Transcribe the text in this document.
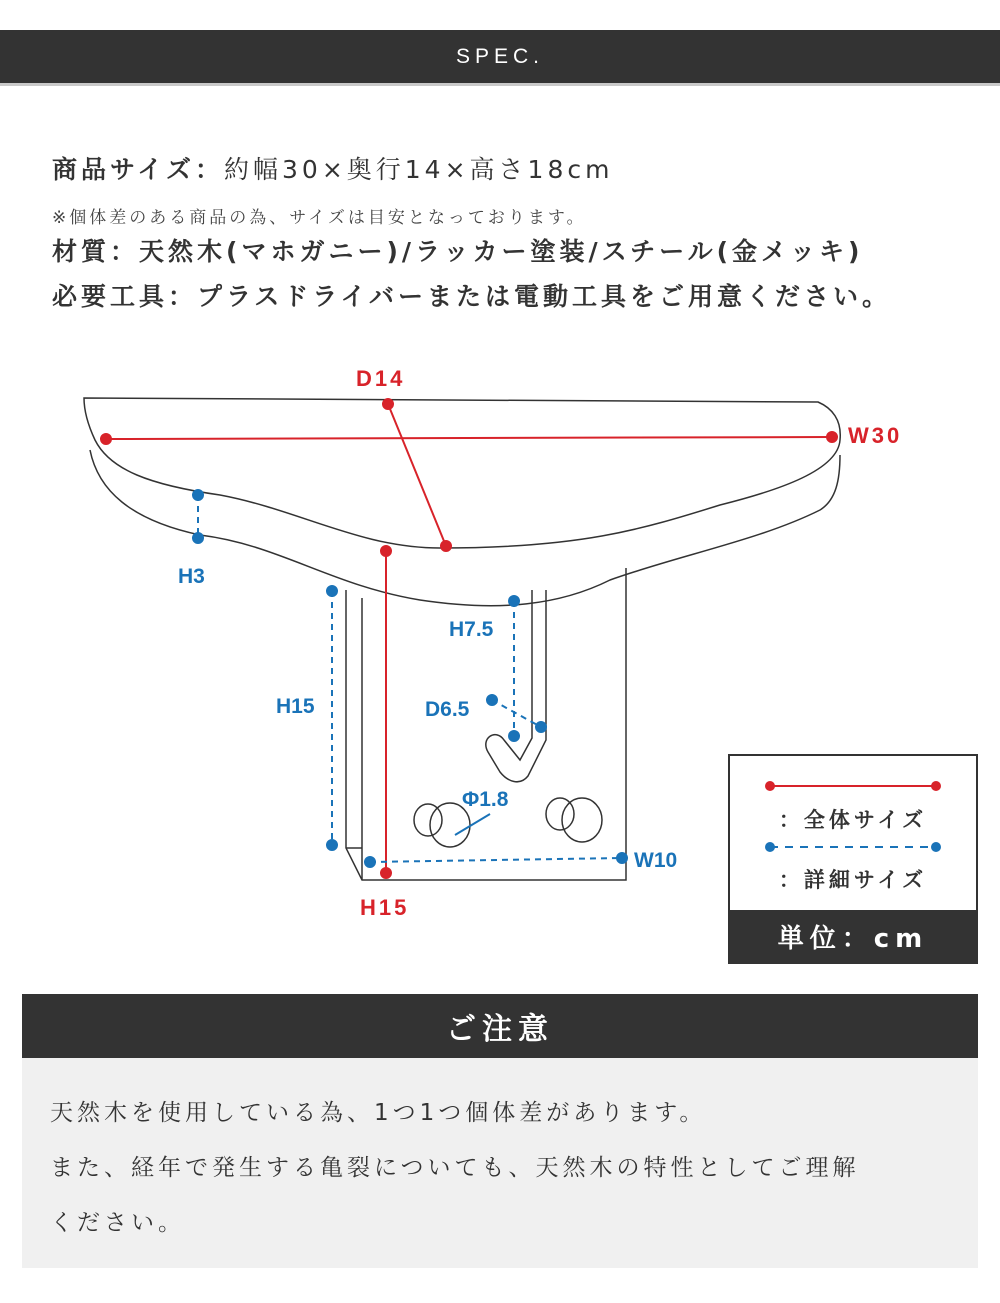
SPEC.
商品サイズ：約幅30×奥行14×高さ18cm
※個体差のある商品の為、サイズは目安となっております。
材質：天然木(マホガニー)/ラッカー塗装/スチール(金メッキ)
必要工具：プラスドライバーまたは電動工具をご用意ください。
D14
W30
H15
H3
H15
H7.5
D6.5
Φ1.8
W10
：全体サイズ
：詳細サイズ
単位：cm
ご注意
天然木を使用している為、1つ1つ個体差があります。
また、経年で発生する亀裂についても、天然木の特性としてご理解
ください。
